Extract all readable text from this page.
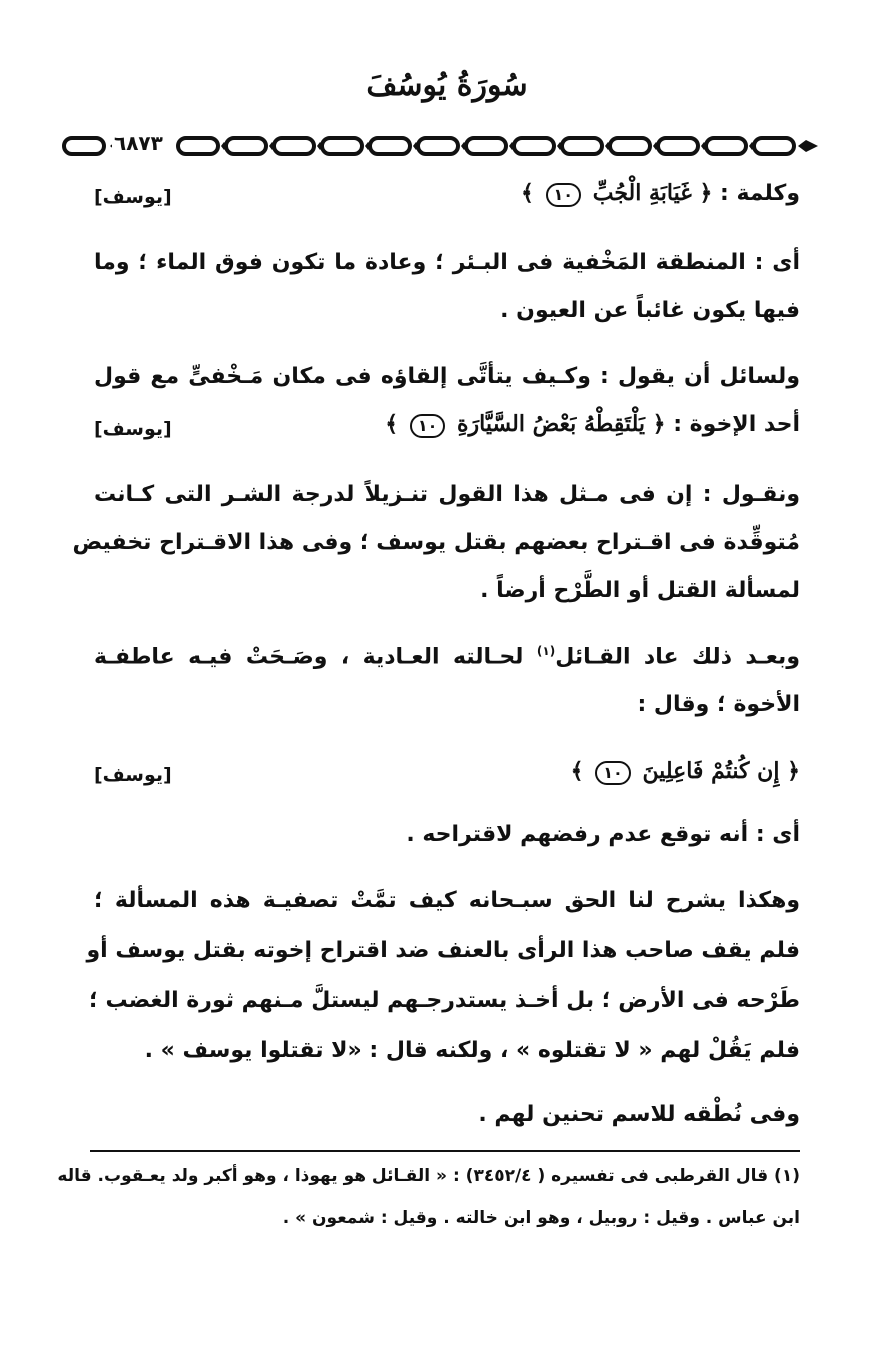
سُورَةُ يُوسُفَ
٦٨٧٣
وكلمة : ﴿ غَيَابَةِ الْجُبِّ ١٠ ﴾
[يوسف]
أى : المنطقة المَخْفية فى البـئر ؛ وعادة ما تكون فوق الماء ؛ وما
فيها يكون غائباً عن العيون .
ولسائل أن يقول : وكـيف يتأتَّى إلقاؤه فى مكان مَـخْفىٍّ مع قول
أحد الإخوة : ﴿ يَلْتَقِطْهُ بَعْضُ السَّيَّارَةِ ١٠ ﴾
[يوسف]
ونقـول : إن فى مـثل هذا القول تنـزيلاً لدرجة الشـر التى كـانت
مُتوقِّدة فى اقـتراح بعضهم بقتل يوسف ؛ وفى هذا الاقـتراح تخفيض
لمسألة القتل أو الطَّرْح أرضاً .
وبعـد ذلك عاد القـائل$^{(١)}$ لحـالته العـادية ، وصَـحَتْ فيـه عاطفـة
الأخوة ؛ وقال :
﴿ إِن كُنتُمْ فَاعِلِينَ ١٠ ﴾
[يوسف]
أى : أنه توقع عدم رفضهم لاقتراحه .
وهكذا يشرح لنا الحق سبـحانه كيف تمَّتْ تصفيـة هذه المسألة ؛
فلم يقف صاحب هذا الرأى بالعنف ضد اقتراح إخوته بقتل يوسف أو
طَرْحه فى الأرض ؛ بل أخـذ يستدرجـهم ليستلَّ مـنهم ثورة الغضب ؛
فلم يَقُلْ لهم « لا تقتلوه » ، ولكنه قال : «لا تقتلوا يوسف » .
وفى نُطْقه للاسم تحنين لهم .
(١) قال القرطبى فى تفسيره ( ٣٤٥٢/٤) : « القـائل هو يهوذا ، وهو أكبر ولد يعـقوب. قاله
ابن عباس . وقيل : روبيل ، وهو ابن خالته . وقيل : شمعون » .
